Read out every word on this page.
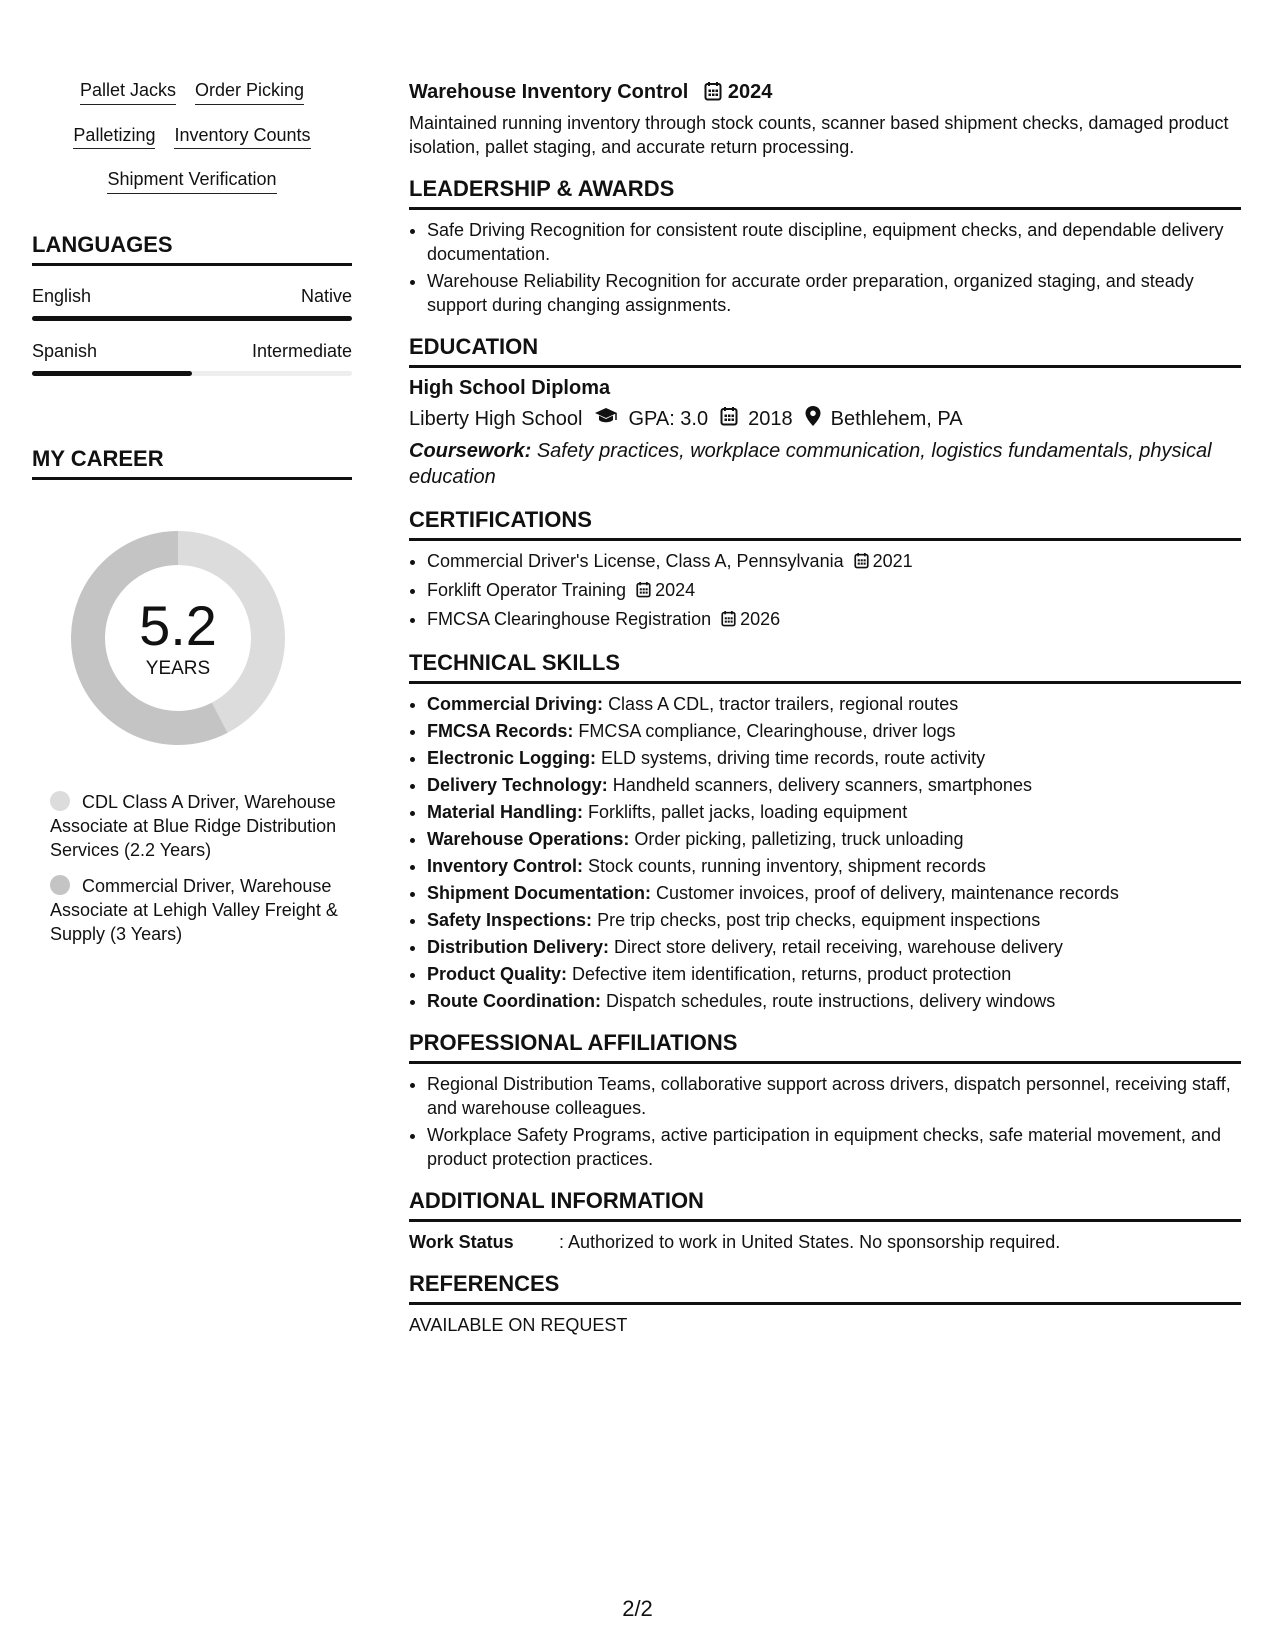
Pallet Jacks Order Picking
Palletizing Inventory Counts
Shipment Verification
LANGUAGES
English	Native
Spanish	Intermediate
MY CAREER
5.2
YEARS
CDL Class A Driver, Warehouse Associate at Blue Ridge Distribution Services (2.2 Years)
Commercial Driver, Warehouse Associate at Lehigh Valley Freight & Supply (3 Years)
Warehouse Inventory Control 2024
Maintained running inventory through stock counts, scanner based shipment checks, damaged product isolation, pallet staging, and accurate return processing.
LEADERSHIP & AWARDS
• Safe Driving Recognition for consistent route discipline, equipment checks, and dependable delivery documentation.
• Warehouse Reliability Recognition for accurate order preparation, organized staging, and steady support during changing assignments.
EDUCATION
High School Diploma
Liberty High School GPA: 3.0 2018 Bethlehem, PA
Coursework: Safety practices, workplace communication, logistics fundamentals, physical education
CERTIFICATIONS
• Commercial Driver's License, Class A, Pennsylvania 2021
• Forklift Operator Training 2024
• FMCSA Clearinghouse Registration 2026
TECHNICAL SKILLS
• Commercial Driving: Class A CDL, tractor trailers, regional routes
• FMCSA Records: FMCSA compliance, Clearinghouse, driver logs
• Electronic Logging: ELD systems, driving time records, route activity
• Delivery Technology: Handheld scanners, delivery scanners, smartphones
• Material Handling: Forklifts, pallet jacks, loading equipment
• Warehouse Operations: Order picking, palletizing, truck unloading
• Inventory Control: Stock counts, running inventory, shipment records
• Shipment Documentation: Customer invoices, proof of delivery, maintenance records
• Safety Inspections: Pre trip checks, post trip checks, equipment inspections
• Distribution Delivery: Direct store delivery, retail receiving, warehouse delivery
• Product Quality: Defective item identification, returns, product protection
• Route Coordination: Dispatch schedules, route instructions, delivery windows
PROFESSIONAL AFFILIATIONS
• Regional Distribution Teams, collaborative support across drivers, dispatch personnel, receiving staff, and warehouse colleagues.
• Workplace Safety Programs, active participation in equipment checks, safe material movement, and product protection practices.
ADDITIONAL INFORMATION
Work Status	: Authorized to work in United States. No sponsorship required.
REFERENCES
AVAILABLE ON REQUEST
2/2
